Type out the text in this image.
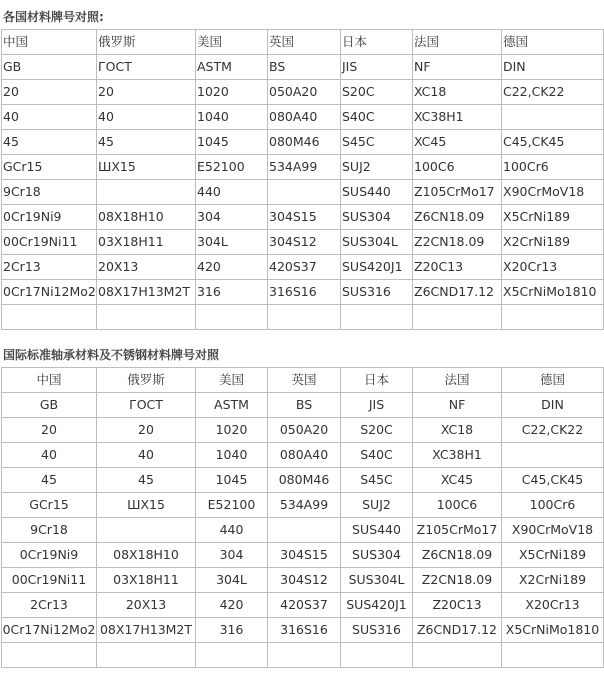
各国材料牌号对照:
中国	俄罗斯	美国	英国	日本	法国	德国
GB	ГОСТ	ASTM	BS	JIS	NF	DIN
20	20	1020	050A20	S20C	XC18	C22,CK22
40	40	1040	080A40	S40C	XC38H1	
45	45	1045	080M46	S45C	XC45	C45,CK45
GCr15	ШХ15	E52100	534A99	SUJ2	100C6	100Cr6
9Cr18		440		SUS440	Z105CrMo17	X90CrMoV18
0Cr19Ni9	08X18H10	304	304S15	SUS304	Z6CN18.09	X5CrNi189
00Cr19Ni11	03X18H11	304L	304S12	SUS304L	Z2CN18.09	X2CrNi189
2Cr13	20X13	420	420S37	SUS420J1	Z20C13	X20Cr13
0Cr17Ni12Mo2	08X17H13M2T	316	316S16	SUS316	Z6CND17.12	X5CrNiMo1810

国际标准轴承材料及不锈钢材料牌号对照
中国	俄罗斯	美国	英国	日本	法国	德国
GB	ГОСТ	ASTM	BS	JIS	NF	DIN
20	20	1020	050A20	S20C	XC18	C22,CK22
40	40	1040	080A40	S40C	XC38H1	
45	45	1045	080M46	S45C	XC45	C45,CK45
GCr15	ШХ15	E52100	534A99	SUJ2	100C6	100Cr6
9Cr18		440		SUS440	Z105CrMo17	X90CrMoV18
0Cr19Ni9	08X18H10	304	304S15	SUS304	Z6CN18.09	X5CrNi189
00Cr19Ni11	03X18H11	304L	304S12	SUS304L	Z2CN18.09	X2CrNi189
2Cr13	20X13	420	420S37	SUS420J1	Z20C13	X20Cr13
0Cr17Ni12Mo2	08X17H13M2T	316	316S16	SUS316	Z6CND17.12	X5CrNiMo1810
